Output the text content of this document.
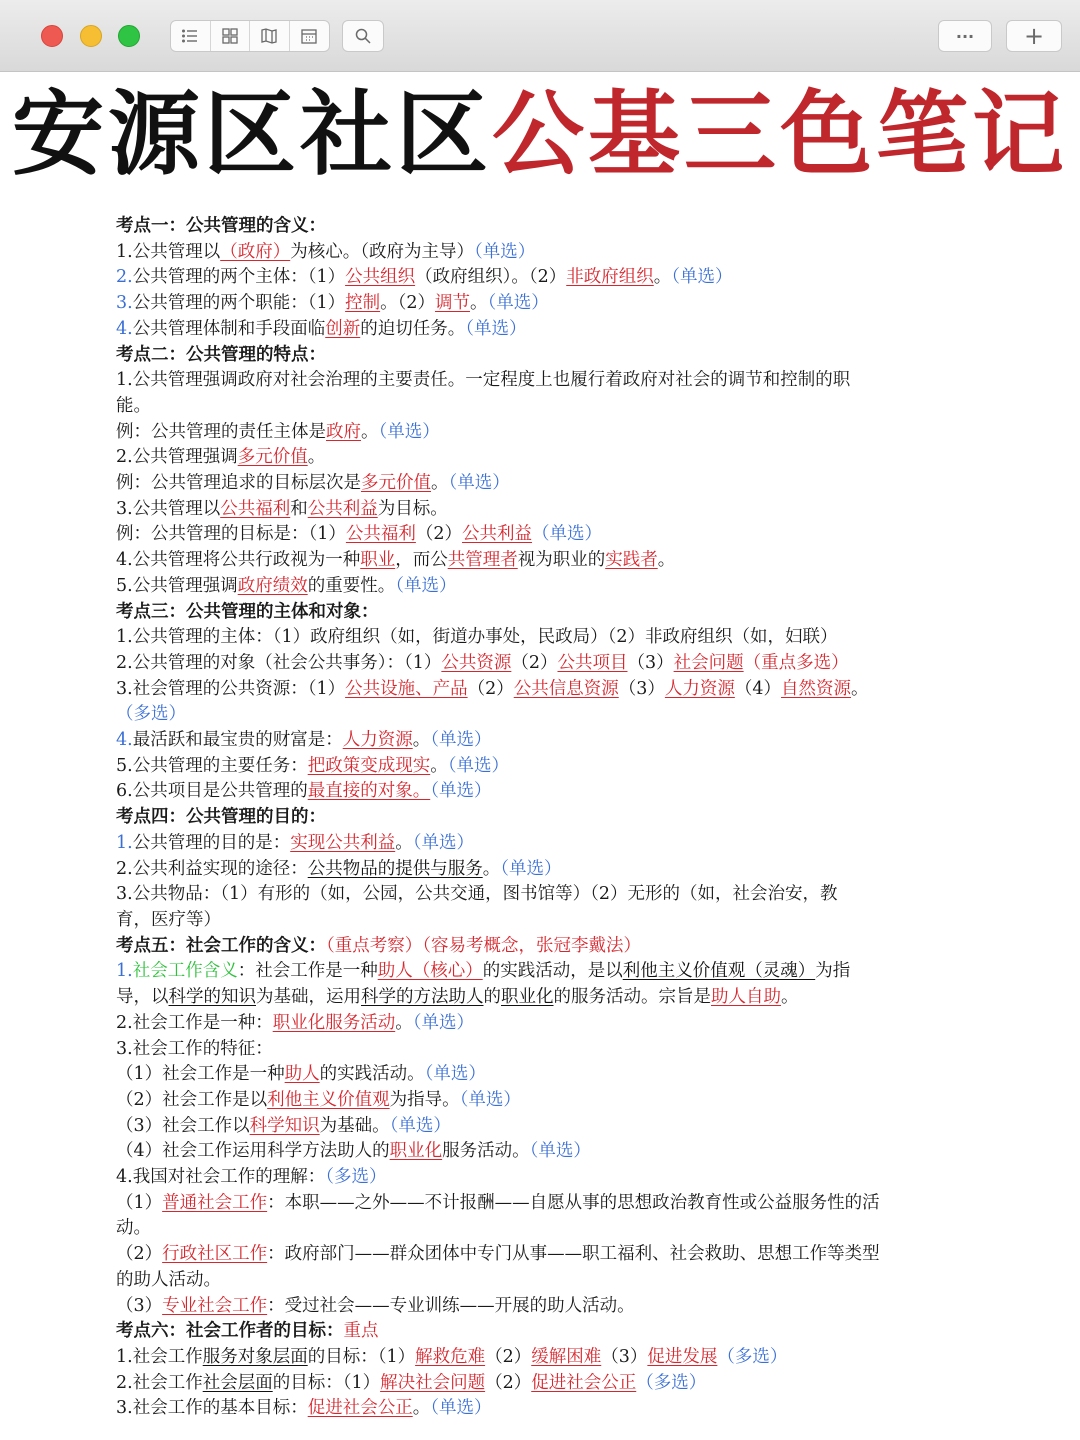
··· +
安源区社区公基三色笔记
考点一：公共管理的含义：
1.公共管理以（政府）为核心。（政府为主导）（单选）
2.公共管理的两个主体：（1）公共组织（政府组织）。（2）非政府组织。（单选）
3.公共管理的两个职能：（1）控制。（2）调节。（单选）
4.公共管理体制和手段面临创新的迫切任务。（单选）
考点二：公共管理的特点：
1.公共管理强调政府对社会治理的主要责任。一定程度上也履行着政府对社会的调节和控制的职
能。
例：公共管理的责任主体是政府。（单选）
2.公共管理强调多元价值。
例：公共管理追求的目标层次是多元价值。（单选）
3.公共管理以公共福利和公共利益为目标。
例：公共管理的目标是：（1）公共福利（2）公共利益（单选）
4.公共管理将公共行政视为一种职业，而公共管理者视为职业的实践者。
5.公共管理强调政府绩效的重要性。（单选）
考点三：公共管理的主体和对象：
1.公共管理的主体：（1）政府组织（如，街道办事处，民政局）（2）非政府组织（如，妇联）
2.公共管理的对象（社会公共事务）：（1）公共资源（2）公共项目（3）社会问题（重点多选）
3.社会管理的公共资源：（1）公共设施、产品（2）公共信息资源（3）人力资源（4）自然资源。
（多选）
4.最活跃和最宝贵的财富是：人力资源。（单选）
5.公共管理的主要任务：把政策变成现实。（单选）
6.公共项目是公共管理的最直接的对象。（单选）
考点四：公共管理的目的：
1.公共管理的目的是：实现公共利益。（单选）
2.公共利益实现的途径：公共物品的提供与服务。（单选）
3.公共物品：（1）有形的（如，公园，公共交通，图书馆等）（2）无形的（如，社会治安，教
育，医疗等）
考点五：社会工作的含义：（重点考察）（容易考概念，张冠李戴法）
1.社会工作含义：社会工作是一种助人（核心）的实践活动，是以利他主义价值观（灵魂）为指
导，以科学的知识为基础，运用科学的方法助人的职业化的服务活动。宗旨是助人自助。
2.社会工作是一种：职业化服务活动。（单选）
3.社会工作的特征：
（1）社会工作是一种助人的实践活动。（单选）
（2）社会工作是以利他主义价值观为指导。（单选）
（3）社会工作以科学知识为基础。（单选）
（4）社会工作运用科学方法助人的职业化服务活动。（单选）
4.我国对社会工作的理解：（多选）
（1）普通社会工作：本职——之外——不计报酬——自愿从事的思想政治教育性或公益服务性的活
动。
（2）行政社区工作：政府部门——群众团体中专门从事——职工福利、社会救助、思想工作等类型
的助人活动。
（3）专业社会工作：受过社会——专业训练——开展的助人活动。
考点六：社会工作者的目标：重点
1.社会工作服务对象层面的目标：（1）解救危难（2）缓解困难（3）促进发展（多选）
2.社会工作社会层面的目标：（1）解决社会问题（2）促进社会公正（多选）
3.社会工作的基本目标：促进社会公正。（单选）
